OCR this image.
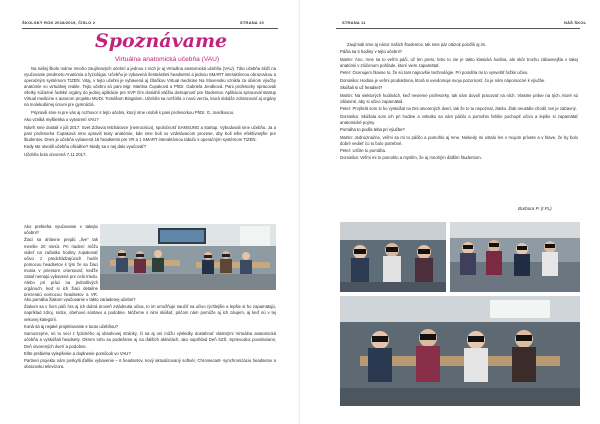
ŠKOLSKÝ ROK 2018/2019, ČÍSLO 2	STRANA 10
Spoznávame
Virtuálna anatomická učebňa (VAU)

Na našej škole máme mnoho zaujímavých učební a jednou z nich je aj Virtuálna anatomická učebňa (VAU). Táto učebňa slúži na vyučovanie predmetu Anatómia a fyziológia. Učebňu je vybavená šestnástimi headsetmi a jednou SMART interaktívnou obrazovkou a operačným systémom TIZEN. Vitaj, v tejto učebni je vybavená aj čítačkou Virtual medicine Na Slovensku vznikla za účelom výučby anatómie vo virtuálnej realite. Tejto učebni sú pani Mgr. Martina Čupaková a PhDr. Gabriela Jendková. Pani profesorky spracovali všetky súčasné ľudské orgány do jednej aplikácie pre SVP čím dosiahli väčšiu dostupnosť pre študentov. Aplikáciu spracoval startup Virtual medicine s autorom projektu MUDr. Tomášom Bingalom. Učebňa sa rozšírila o novú verziu, ktorá dokáže zobrazovať aj orgány na molekulárnej úrovni pre gymnáziá.

Pripravili sme si pre vás aj rozhovor s tejto učebni, ktorý sme urobili s pani profesorkou PhDr. G. Jendkovou.

Ako vzniká myšlienka o vytvorení VAU?

Návrh sme dostali v júli 2017. Svet Zdravia Michalovce (nemocnica), spoločnosť SAMSUNG a startup. Vybudovali sme učebňu. Ja a pani profesorka Čupaková sme upravili texty anatómie, kde sme boli vo vzdelávacom procese, aby boli ešte efektívnejšie pre študentov. Dnes je učebňa vybavená 16 headsetmi pre VR a 1 SMART interaktívnou tabuľu s operačným systémom TIZEN.

Kedy ste otvorili učebňu oficiálne? Niedy sa v nej dalo vyučovať?

Učebňa bola otvorená 7.11.2017.

Ako prebieha vyučovanie v takejto učebni?

Žiaci sa ahlavne prejdú „live“ tak menšie 20 minút. Pri riadení môžu vidieť na začiatku hodiny zopakovať učivo z predchádzajúcich hodín pomocou headsetov s tým že sa žiaci musia v priestore orientovať, keďže zatiaľ nemajú vybavené pre celú triedu. Alebo pri práci na jednotlivých orgánoch, keď si ich žiaci detailne prezerajú pomocou headsetov a VR,

Ako pomáha žiakom vyučovanie v takto zariadenej učebni?

Žiakom sa v ňom páči hra aj ich dobrá úroveň zvládnutia učiva, to im umožňuje naučiť sa učivo rýchlejšie a lepšie si ho zapamätajú, napríklad zdroj, srdce, obehovú sústavu a podobne. Môžeme s nimi skúšať, pričom nám pomôže aj ich záujem, aj keď sú v tej vekovej kategórii.

Koná sa aj nejaké projektovanie s touto učebňou?

Samozrejme, sú to veci z fyzického aj obsahovej stránky, či sa aj oni môžu výsledky dosiahnuť vlastnými Virtuálna anatomická učebňa a vyskúšali headsety. Okrem toho sa podieľame aj na ďalších aktivitách, ako napríklad Deň SZŠ, Sprievodca povolaniami, Deň otvorených dverí a podobne.

Ešte prebieha vylepšenie a doplnenie pomôcok vo VAU?

Partneri projektu nám poskytli ďalšie vybavenie – 6 headsetov, nový aktualizovaný softvér, Chromecast- synchronizáciu headsetov a obrazovku televízora.

STRANA 11	NÁŠ ŠKOL

Zaujímali sme aj názor našich študentov, tak sme pár otázok položili aj im.

Páčia sa ti hodiny v tejto učebni?

Martin: Áno, mne sa to veľmi páči, už len preto, lebo to nie je takto klasická hodina, ale skôr trochu zábavnejšia v takej anatómii v zlúčenom pohľade, ktoré viem zapamätať.

Peter: Ocenujem hlavne to, že sú tam najnovšie technológie. Pri pomáha mi to vysvetliť ťažké učivo.

Dominika: Hodina je veľmi produktívna, ktorá si uvedomuje svoju pozornosť, čo je nám nápomocné k výučbe.

Skúšali si už headset?

Martin: Na niektorých hodinách, keď nevieme profesorky, tak nám dovolí pracovať na ních. Vlastne práve na tých, ktoré sú zábavné, aby si učivo zapamätali.

Peter: Prvýkrát som si ho vyskúšal na Dni otvorených dverí, tak že to tu nepoznal, zlatko. Žiak neustále chodil, ten je zabavný.

Dominika: Skúšala som ich pri hodine a vskutku sa nám páčilo a pomohlo ľahšie pochopiť učivo a lepšie si zapamätať anatomické pojmy.

Pomáha to podľa teba pri výučbe?

Martin: Jednoznačne, veľmi sa mi to páčilo a pomohlo aj mne. Niekedy mi ostalo len v mojom prívete a v hlave, že by bolo dobré vedieť čo to bolo potrebné.

Peter: Určite to pomáha.

Dominika: Veľmi mi to pomohlo a myslím, že aj mnohým ďalším študentom.

Barbora P. (I.FL)
